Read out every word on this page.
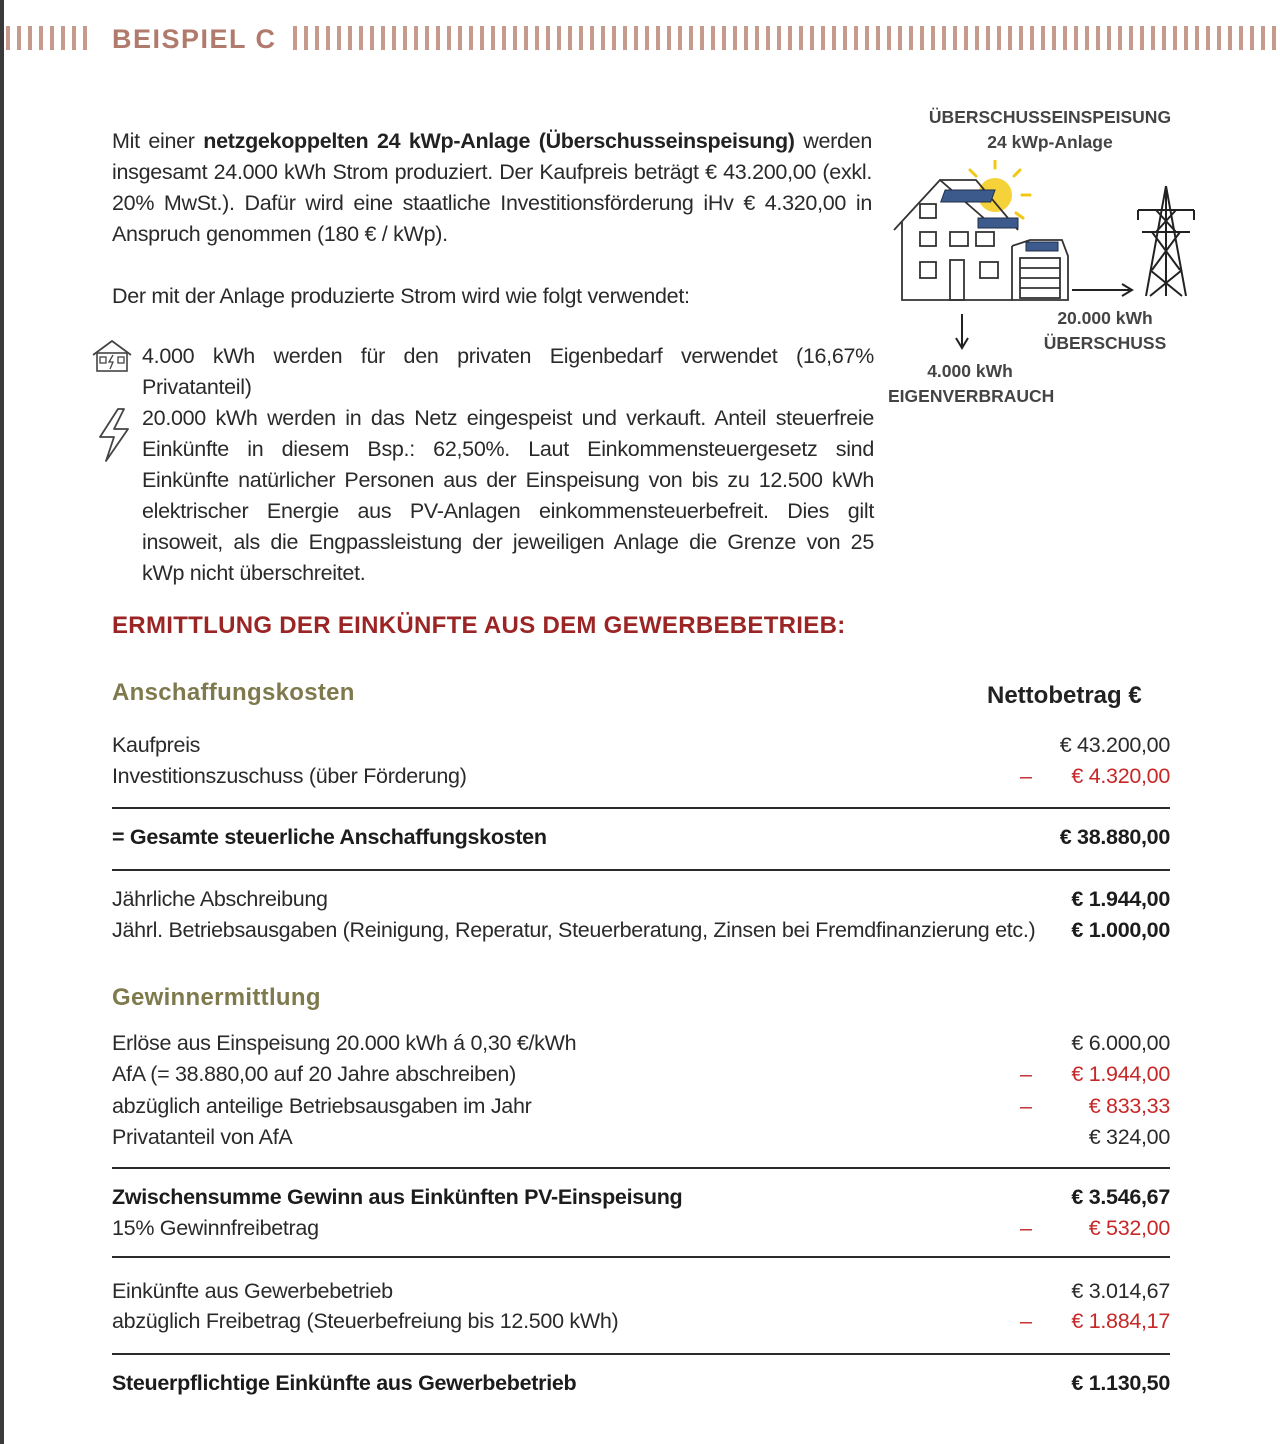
BEISPIEL C
Mit einer netzgekoppelten 24 kWp-Anlage (Überschusseinspeisung) werden insgesamt 24.000 kWh Strom produziert. Der Kaufpreis beträgt € 43.200,00 (exkl. 20% MwSt.). Dafür wird eine staatliche Investitionsförderung iHv € 4.320,00 in Anspruch genommen (180 € / kWp).
Der mit der Anlage produzierte Strom wird wie folgt verwendet:
4.000 kWh werden für den privaten Eigenbedarf verwendet (16,67% Privatanteil)
20.000 kWh werden in das Netz eingespeist und verkauft. Anteil steuerfreie Einkünfte in diesem Bsp.: 62,50%. Laut Einkommensteuergesetz sind Einkünfte natürlicher Personen aus der Einspeisung von bis zu 12.500 kWh elektrischer Energie aus PV-Anlagen einkommensteuerbefreit. Dies gilt insoweit, als die Engpassleistung der jeweiligen Anlage die Grenze von 25 kWp nicht überschreitet.
ÜBERSCHUSSEINSPEISUNG
24 kWp-Anlage
20.000 kWh
ÜBERSCHUSS
4.000 kWh
EIGENVERBRAUCH
ERMITTLUNG DER EINKÜNFTE AUS DEM GEWERBEBETRIEB:
Anschaffungskosten	Nettobetrag €
Kaufpreis	€ 43.200,00
Investitionszuschuss (über Förderung)	– € 4.320,00
= Gesamte steuerliche Anschaffungskosten	€ 38.880,00
Jährliche Abschreibung	€ 1.944,00
Jährl. Betriebsausgaben (Reinigung, Reperatur, Steuerberatung, Zinsen bei Fremdfinanzierung etc.) € 1.000,00
Gewinnermittlung
Erlöse aus Einspeisung 20.000 kWh á 0,30 €/kWh	€ 6.000,00
AfA (= 38.880,00 auf 20 Jahre abschreiben)	– € 1.944,00
abzüglich anteilige Betriebsausgaben im Jahr	–	€ 833,33
Privatanteil von AfA	€ 324,00
Zwischensumme Gewinn aus Einkünften PV-Einspeisung	€ 3.546,67
15% Gewinnfreibetrag	–	€ 532,00
Einkünfte aus Gewerbebetrieb	€ 3.014,67
abzüglich Freibetrag (Steuerbefreiung bis 12.500 kWh)	– € 1.884,17
Steuerpflichtige Einkünfte aus Gewerbebetrieb	€ 1.130,50
